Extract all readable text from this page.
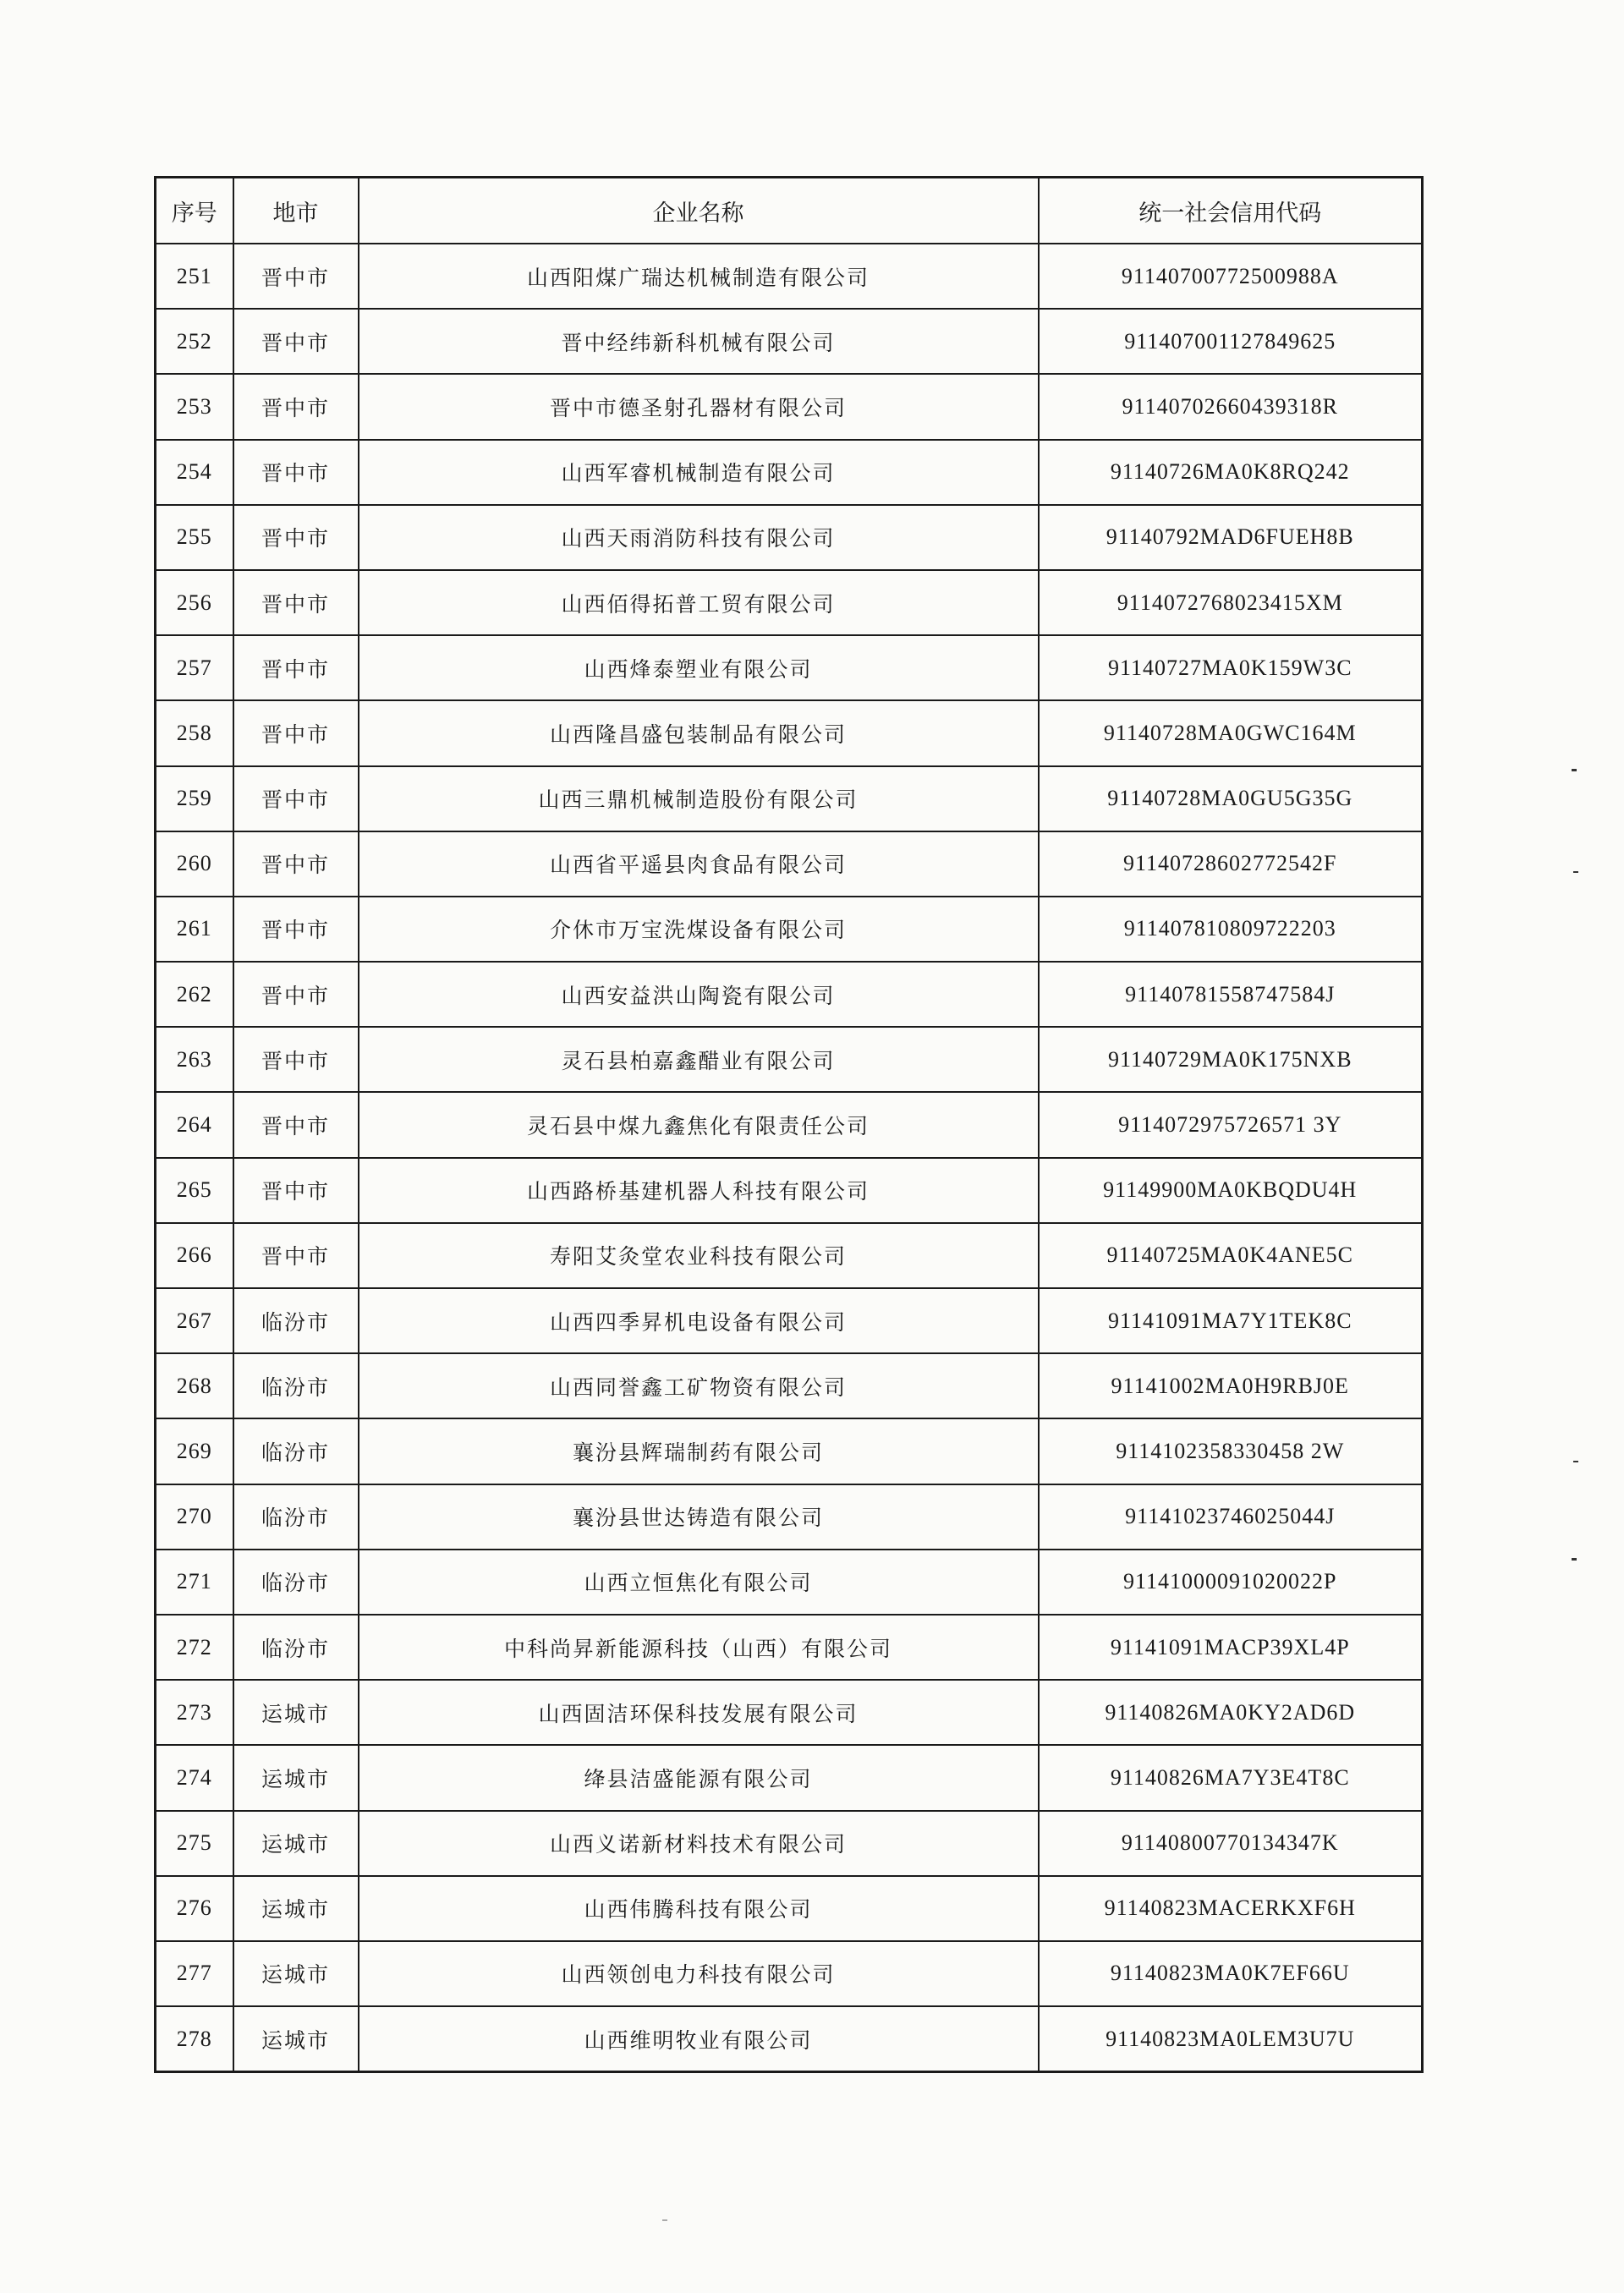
序号	地市	企业名称	统一社会信用代码
251	晋中市	山西阳煤广瑞达机械制造有限公司	91140700772500988A
252	晋中市	晋中经纬新科机械有限公司	911407001127849625
253	晋中市	晋中市德圣射孔器材有限公司	91140702660439318R
254	晋中市	山西军睿机械制造有限公司	91140726MA0K8RQ242
255	晋中市	山西天雨消防科技有限公司	91140792MAD6FUEH8B
256	晋中市	山西佰得拓普工贸有限公司	9114072768023415XM
257	晋中市	山西烽泰塑业有限公司	91140727MA0K159W3C
258	晋中市	山西隆昌盛包装制品有限公司	91140728MA0GWC164M
259	晋中市	山西三鼎机械制造股份有限公司	91140728MA0GU5G35G
260	晋中市	山西省平遥县肉食品有限公司	91140728602772542F
261	晋中市	介休市万宝洗煤设备有限公司	911407810809722203
262	晋中市	山西安益洪山陶瓷有限公司	91140781558747584J
263	晋中市	灵石县柏嘉鑫醋业有限公司	91140729MA0K175NXB
264	晋中市	灵石县中煤九鑫焦化有限责任公司	9114072975726571 3Y
265	晋中市	山西路桥基建机器人科技有限公司	91149900MA0KBQDU4H
266	晋中市	寿阳艾灸堂农业科技有限公司	91140725MA0K4ANE5C
267	临汾市	山西四季昇机电设备有限公司	91141091MA7Y1TEK8C
268	临汾市	山西同誉鑫工矿物资有限公司	91141002MA0H9RBJ0E
269	临汾市	襄汾县辉瑞制药有限公司	9114102358330458 2W
270	临汾市	襄汾县世达铸造有限公司	91141023746025044J
271	临汾市	山西立恒焦化有限公司	91141000091020022P
272	临汾市	中科尚昇新能源科技（山西）有限公司	91141091MACP39XL4P
273	运城市	山西固洁环保科技发展有限公司	91140826MA0KY2AD6D
274	运城市	绛县洁盛能源有限公司	91140826MA7Y3E4T8C
275	运城市	山西义诺新材料技术有限公司	91140800770134347K
276	运城市	山西伟腾科技有限公司	91140823MACERKXF6H
277	运城市	山西领创电力科技有限公司	91140823MA0K7EF66U
278	运城市	山西维明牧业有限公司	91140823MA0LEM3U7U
